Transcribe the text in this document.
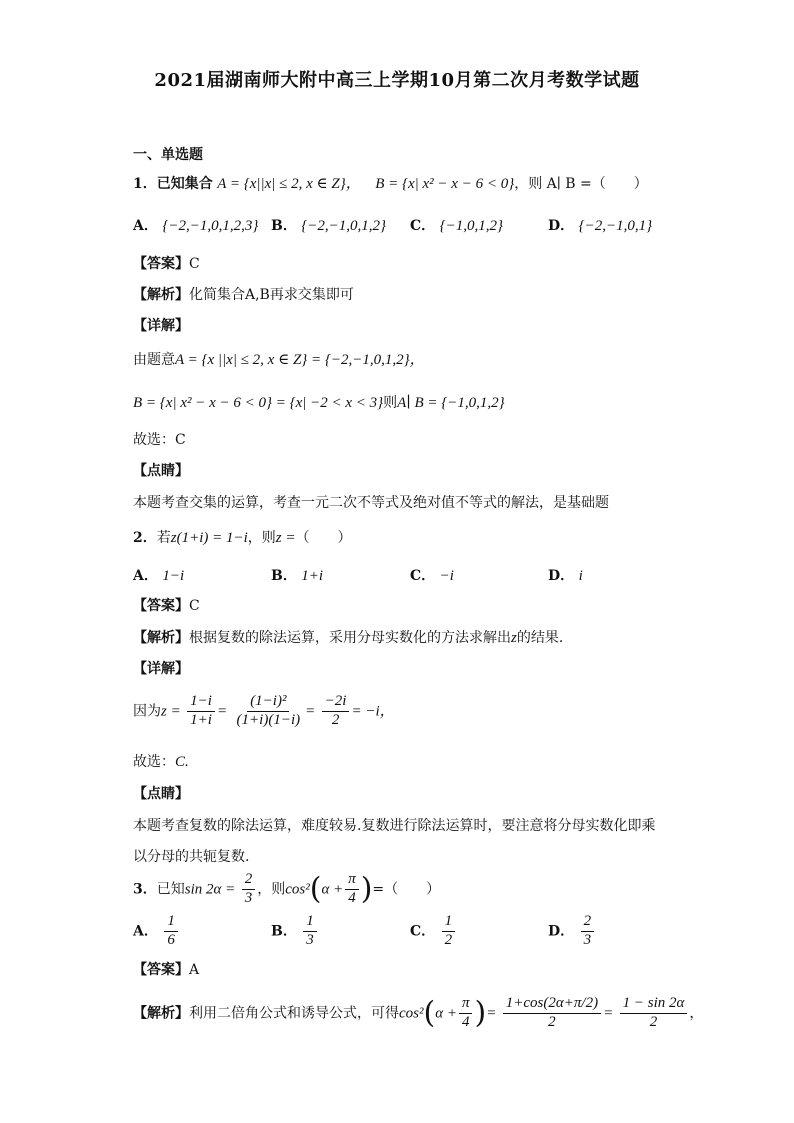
2021届湖南师大附中高三上学期10月第二次月考数学试题
一、单选题
1．已知集合 A = {x||x| ≤ 2, x ∈ Z}， B = {x| x² − x − 6 < 0}，则 A∣ B =（　　）
A． {−2,−1,0,1,2,3} B． {−2,−1,0,1,2} C． {−1,0,1,2}	D． {−2,−1,0,1}
【答案】C
【解析】化简集合A,B再求交集即可
【详解】
由题意A = {x ||x| ≤ 2, x ∈ Z} = {−2,−1,0,1,2}，
B = {x| x² − x − 6 < 0} = {x| −2 < x < 3}则A∣ B = {−1,0,1,2}
故选：C
【点睛】
本题考查交集的运算，考查一元二次不等式及绝对值不等式的解法，是基础题
2．若z(1+i) = 1−i，则z =（　　）
A． 1−i	B． 1+i	C． −i	D． i
【答案】C
【解析】根据复数的除法运算，采用分母实数化的方法求解出z的结果.
【详解】
因为$z = \frac{1-i}{1+i} = \frac{\text{(1−i)²}}{(1+i)(1-i)} = \frac{-2i}{2} = -i$，
故选：C.
【点睛】
本题考查复数的除法运算，难度较易.复数进行除法运算时，要注意将分母实数化即乘
以分母的共轭复数.
3．已知$\sin 2\alpha = \frac{2}{3}$ ，则$\cos^2(\alpha + \frac{\pi}{4}$ )=（　　）
A． $\frac{1}{6}$	B． $\frac{1}{3}$	C． $\frac{1}{2}$	D． $\frac{2}{3}$
【答案】A
【解析】利用二倍角公式和诱导公式，可得$\cos^2(\alpha + \frac{\pi}{4}$ )= $\frac{1+\cos(2\alpha+\pi/2)}{2} = \frac{1 - \sin 2\alpha}{2}$ ，
